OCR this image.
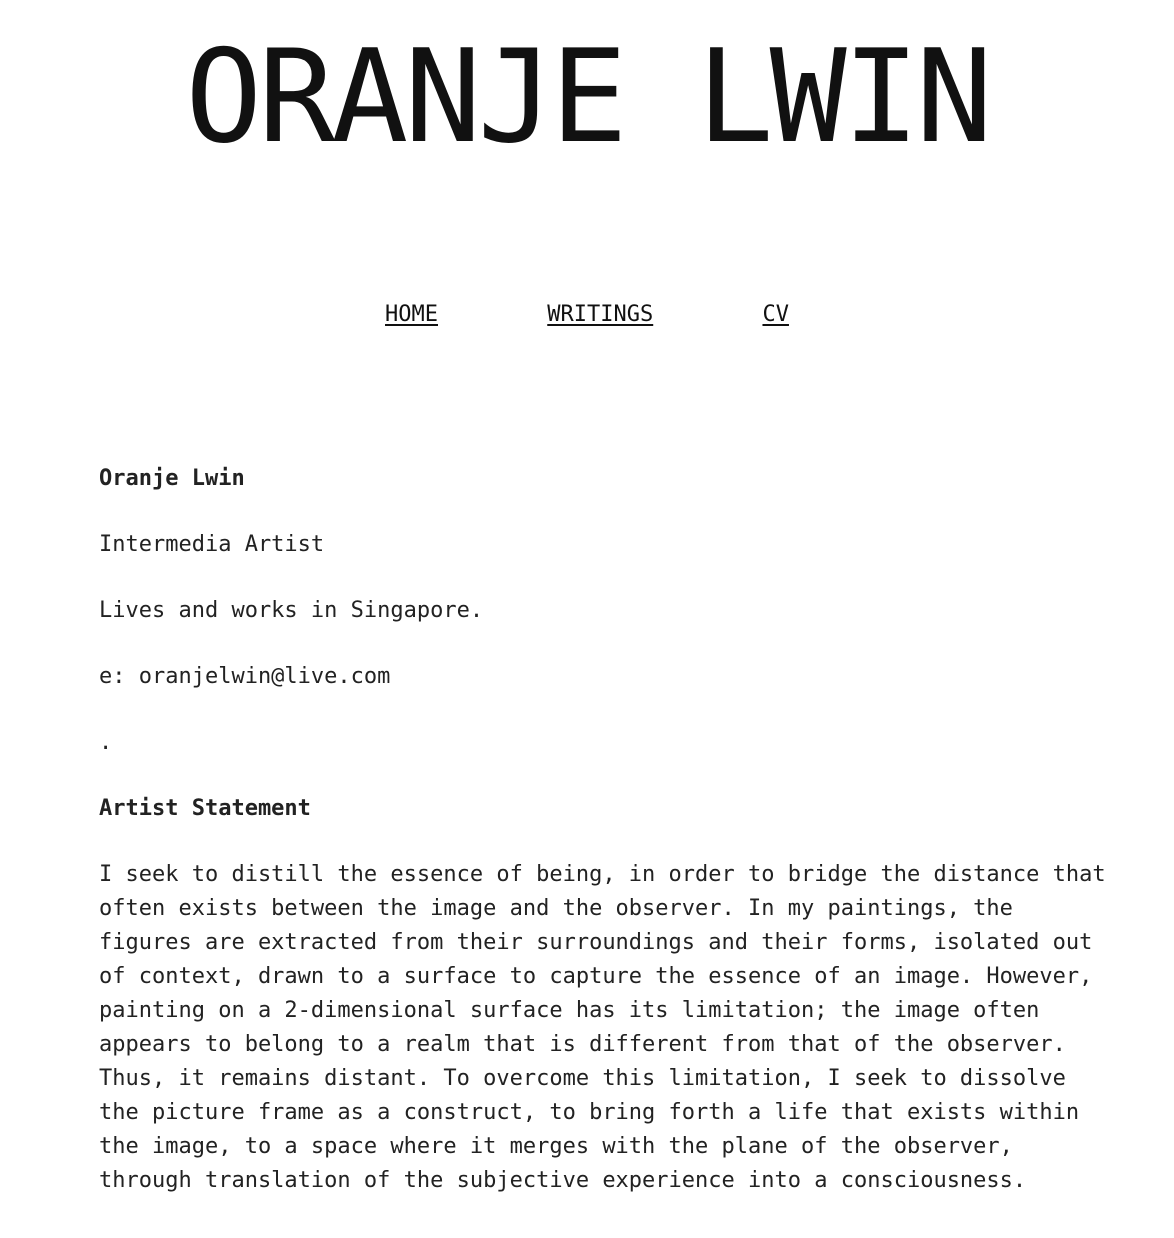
ORANJE LWIN
HOME	WRITINGS	CV

Oranje Lwin

Intermedia Artist

Lives and works in Singapore.

e: oranjelwin@live.com

.

Artist Statement

I seek to distill the essence of being, in order to bridge the distance that often exists between the image and the observer. In my paintings, the figures are extracted from their surroundings and their forms, isolated out of context, drawn to a surface to capture the essence of an image. However, painting on a 2-dimensional surface has its limitation; the image often appears to belong to a realm that is different from that of the observer. Thus, it remains distant. To overcome this limitation, I seek to dissolve the picture frame as a construct, to bring forth a life that exists within the image, to a space where it merges with the plane of the observer, through translation of the subjective experience into a consciousness.
